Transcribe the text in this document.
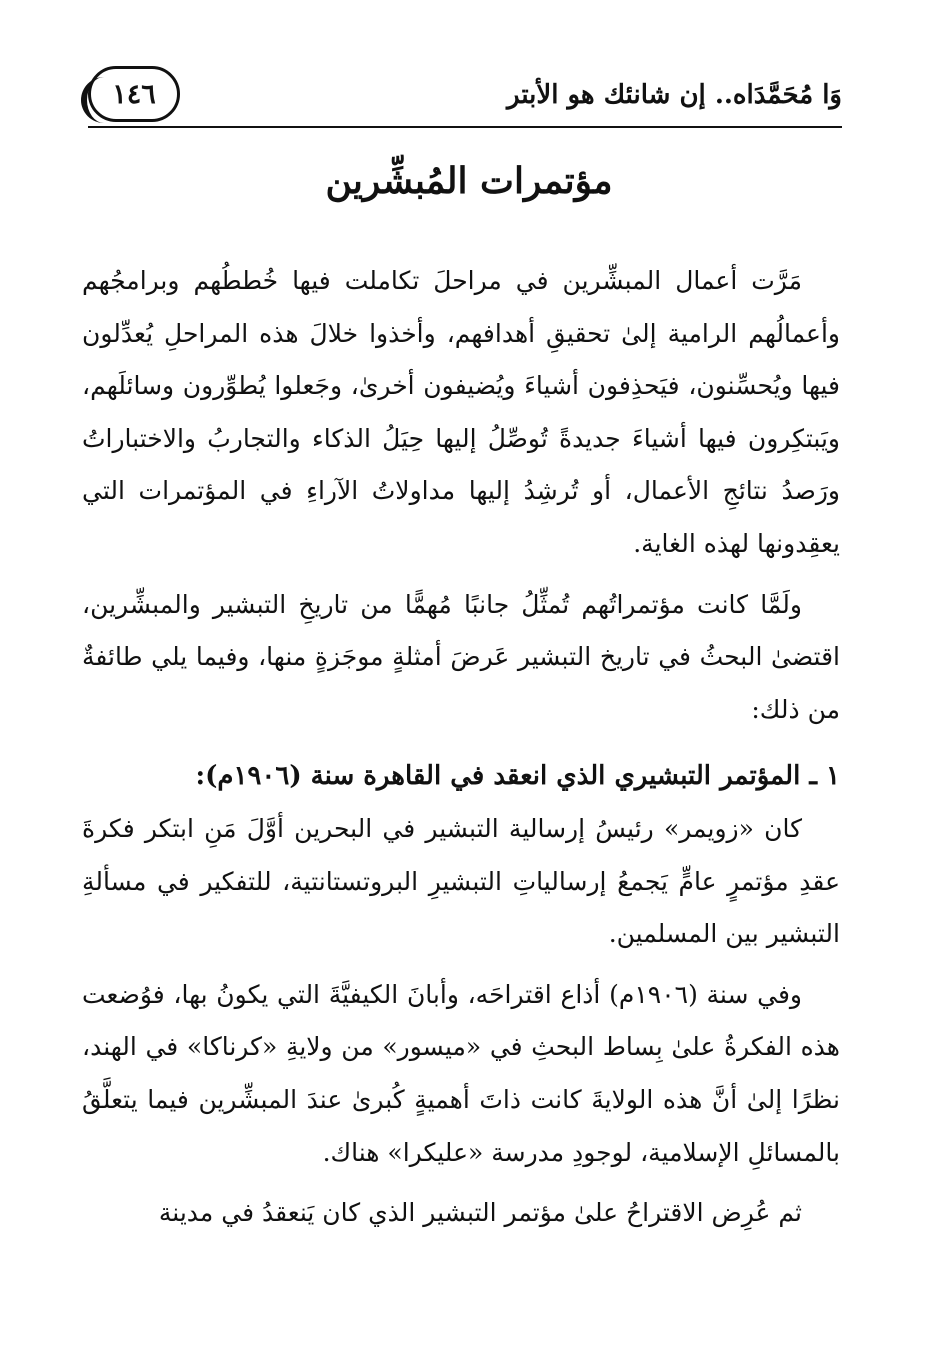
وَا مُحَمَّدَاه.. إن شانئك هو الأبتر
١٤٦
مؤتمرات المُبشِّرين

مَرَّت أعمال المبشِّرين في مراحلَ تكاملت فيها خُططُهم وبرامجُهم وأعمالُهم الرامية إلىٰ تحقيقِ أهدافهم، وأخذوا خلالَ هذه المراحلِ يُعدِّلون فيها ويُحسِّنون، فيَحذِفون أشياءَ ويُضيفون أخرىٰ، وجَعلوا يُطوِّرون وسائلَهم، ويَبتكِرون فيها أشياءَ جديدةً تُوصِّلُ إليها حِيَلُ الذكاء والتجاربُ والاختباراتُ ورَصدُ نتائجِ الأعمال، أو تُرشِدُ إليها مداولاتُ الآراءِ في المؤتمرات التي يعقِدونها لهذه الغاية.

ولَمَّا كانت مؤتمراتُهم تُمثِّلُ جانبًا مُهمًّا من تاريخِ التبشير والمبشِّرين، اقتضىٰ البحثُ في تاريخ التبشير عَرضَ أمثلةٍ موجَزةٍ منها، وفيما يلي طائفةٌ من ذلك:

١ ـ المؤتمر التبشيري الذي انعقد في القاهرة سنة (١٩٠٦م):

كان «زويمر» رئيسُ إرسالية التبشير في البحرين أوَّلَ مَنِ ابتكر فكرةَ عقدِ مؤتمرٍ عامٍّ يَجمعُ إرسالياتِ التبشيرِ البروتستانتية، للتفكير في مسألةِ التبشير بين المسلمين.

وفي سنة (١٩٠٦م) أذاع اقتراحَه، وأبانَ الكيفيَّةَ التي يكونُ بها، فوُضعت هذه الفكرةُ علىٰ بِساط البحثِ في «ميسور» من ولايةِ «كرناكا» في الهند، نظرًا إلىٰ أنَّ هذه الولايةَ كانت ذاتَ أهميةٍ كُبرىٰ عندَ المبشِّرين فيما يتعلَّقُ بالمسائلِ الإسلامية، لوجودِ مدرسة «عليكرا» هناك.

ثم عُرِض الاقتراحُ علىٰ مؤتمر التبشير الذي كان يَنعقدُ في مدينة
